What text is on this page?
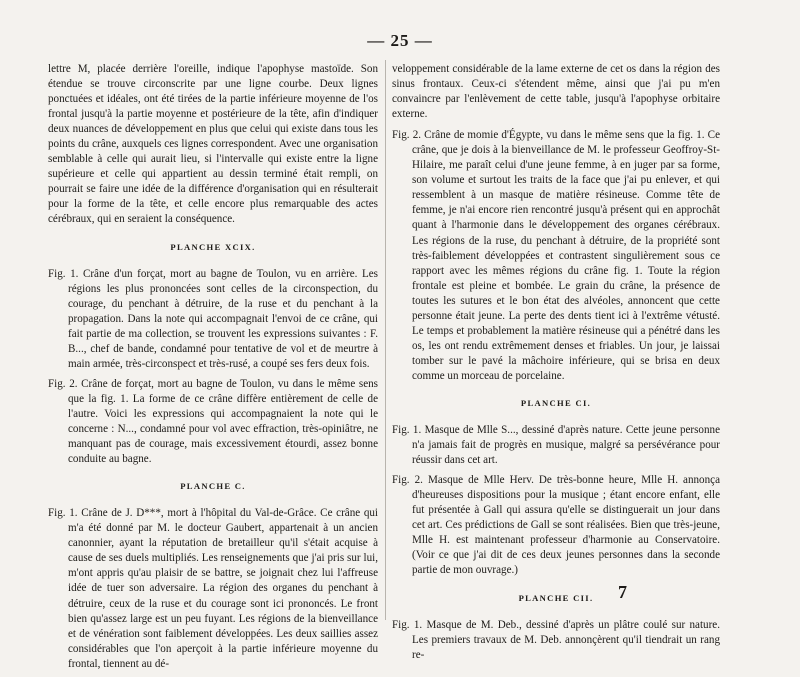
— 25 —

lettre M, placée derrière l'oreille, indique l'apophyse mastoïde. Son étendue se trouve circonscrite par une ligne courbe. Deux lignes ponctuées et idéales, ont été tirées de la partie inférieure moyenne de l'os frontal jusqu'à la partie moyenne et postérieure de la tête, afin d'indiquer deux nuances de développement en plus que celui qui existe dans tous les points du crâne, auxquels ces lignes correspondent. Avec une organisation semblable à celle qui aurait lieu, si l'intervalle qui existe entre la ligne supérieure et celle qui appartient au dessin terminé était rempli, on pourrait se faire une idée de la différence d'organisation qui en résulterait pour la forme de la tête, et celle encore plus remarquable des actes cérébraux, qui en seraient la conséquence.

PLANCHE XCIX.

Fig. 1. Crâne d'un forçat, mort au bagne de Toulon, vu en arrière. Les régions les plus prononcées sont celles de la circonspection, du courage, du penchant à détruire, de la ruse et du penchant à la propagation. Dans la note qui accompagnait l'envoi de ce crâne, qui fait partie de ma collection, se trouvent les expressions suivantes : F. B..., chef de bande, condamné pour tentative de vol et de meurtre à main armée, très-circonspect et très-rusé, a coupé ses fers deux fois.

Fig. 2. Crâne de forçat, mort au bagne de Toulon, vu dans le même sens que la fig. 1. La forme de ce crâne diffère entièrement de celle de l'autre. Voici les expressions qui accompagnaient la note qui le concerne : N..., condamné pour vol avec effraction, très-opiniâtre, ne manquant pas de courage, mais excessivement étourdi, assez bonne conduite au bagne.

PLANCHE C.

Fig. 1. Crâne de J. D***, mort à l'hôpital du Val-de-Grâce. Ce crâne qui m'a été donné par M. le docteur Gaubert, appartenait à un ancien canonnier, ayant la réputation de bretailleur qu'il s'était acquise à cause de ses duels multipliés. Les renseignements que j'ai pris sur lui, m'ont appris qu'au plaisir de se battre, se joignait chez lui l'affreuse idée de tuer son adversaire. La région des organes du penchant à détruire, ceux de la ruse et du courage sont ici prononcés. Le front bien qu'assez large est un peu fuyant. Les régions de la bienveillance et de vénération sont faiblement développées. Les deux saillies assez considérables que l'on aperçoit à la partie inférieure moyenne du frontal, tiennent au dé-

veloppement considérable de la lame externe de cet os dans la région des sinus frontaux. Ceux-ci s'étendent même, ainsi que j'ai pu m'en convaincre par l'enlèvement de cette table, jusqu'à l'apophyse orbitaire externe.

Fig. 2. Crâne de momie d'Égypte, vu dans le même sens que la fig. 1. Ce crâne, que je dois à la bienveillance de M. le professeur Geoffroy-St-Hilaire, me paraît celui d'une jeune femme, à en juger par sa forme, son volume et surtout les traits de la face que j'ai pu enlever, et qui ressemblent à un masque de matière résineuse. Comme tête de femme, je n'ai encore rien rencontré jusqu'à présent qui en approchât quant à l'harmonie dans le développement des organes cérébraux. Les régions de la ruse, du penchant à détruire, de la propriété sont très-faiblement développées et contrastent singulièrement sous ce rapport avec les mêmes régions du crâne fig. 1. Toute la région frontale est pleine et bombée. Le grain du crâne, la présence de toutes les sutures et le bon état des alvéoles, annoncent que cette personne était jeune. La perte des dents tient ici à l'extrême vétusté. Le temps et probablement la matière résineuse qui a pénétré dans les os, les ont rendu extrêmement denses et friables. Un jour, je laissai tomber sur le pavé la mâchoire inférieure, qui se brisa en deux comme un morceau de porcelaine.

PLANCHE CI.

Fig. 1. Masque de Mlle S..., dessiné d'après nature. Cette jeune personne n'a jamais fait de progrès en musique, malgré sa persévérance pour réussir dans cet art.

Fig. 2. Masque de Mlle Herv. De très-bonne heure, Mlle H. annonça d'heureuses dispositions pour la musique ; étant encore enfant, elle fut présentée à Gall qui assura qu'elle se distinguerait un jour dans cet art. Ces prédictions de Gall se sont réalisées. Bien que très-jeune, Mlle H. est maintenant professeur d'harmonie au Conservatoire. (Voir ce que j'ai dit de ces deux jeunes personnes dans la seconde partie de mon ouvrage.)

PLANCHE CII.

Fig. 1. Masque de M. Deb., dessiné d'après un plâtre coulé sur nature. Les premiers travaux de M. Deb. annonçèrent qu'il tiendrait un rang re-

7
